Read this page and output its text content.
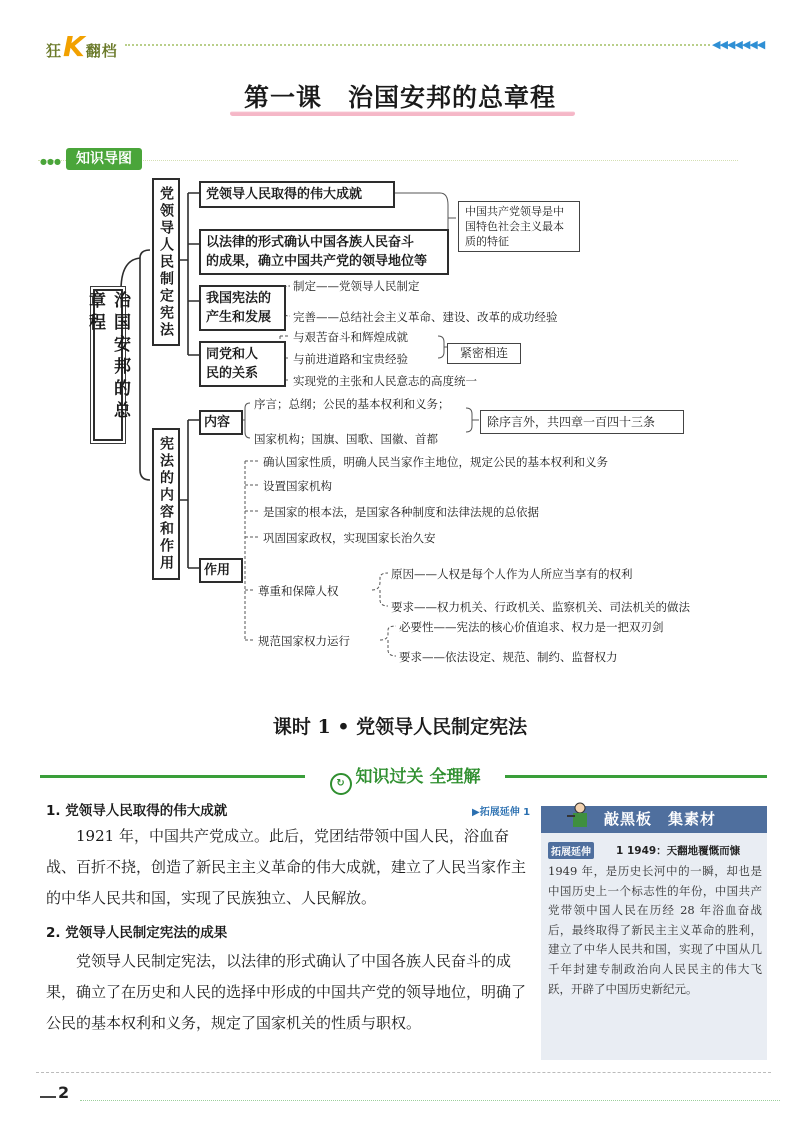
狂K翻档	◀◀◀◀◀◀◀
第一课　治国安邦的总章程
●●●	知识导图
治国安邦的总章程	党领导人民制定宪法
宪法的内容和作用
党领导人民取得的伟大成就
以法律的形式确认中国各族人民奋斗
的成果，确立中国共产党的领导地位等
中国共产党领导是中国特色社会主义最本质的特征
我国宪法的
产生和发展
制定——党领导人民制定
完善——总结社会主义革命、建设、改革的成功经验
同党和人
民的关系
与艰苦奋斗和辉煌成就
与前进道路和宝贵经验
实现党的主张和人民意志的高度统一
紧密相连
内容
序言；总纲；公民的基本权利和义务；
国家机构；国旗、国歌、国徽、首都
除序言外，共四章一百四十三条
作用
确认国家性质，明确人民当家作主地位，规定公民的基本权利和义务
设置国家机构
是国家的根本法，是国家各种制度和法律法规的总依据
巩固国家政权，实现国家长治久安
尊重和保障人权
原因——人权是每个人作为人所应当享有的权利
要求——权力机关、行政机关、监察机关、司法机关的做法
规范国家权力运行
必要性——宪法的核心价值追求、权力是一把双刃剑
要求——依法设定、规范、制约、监督权力
课时 1 • 党领导人民制定宪法
↻ 知识过关 全理解
1. 党领导人民取得的伟大成就	▶拓展延伸 1
1921 年，中国共产党成立。此后，党团结带领中国人民，浴血奋战、百折不挠，创造了新民主主义革命的伟大成就，建立了人民当家作主的中华人民共和国，实现了民族独立、人民解放。
2. 党领导人民制定宪法的成果
党领导人民制定宪法，以法律的形式确认了中国各族人民奋斗的成果，确立了在历史和人民的选择中形成的中国共产党的领导地位，明确了公民的基本权利和义务，规定了国家机关的性质与职权。
敲黑板　集素材
拓展延伸 1 1949：天翻地覆慨而慷
1949 年，是历史长河中的一瞬，却也是中国历史上一个标志性的年份，中国共产党带领中国人民在历经 28 年浴血奋战后，最终取得了新民主主义革命的胜利，建立了中华人民共和国，实现了中国从几千年封建专制政治向人民民主的伟大飞跃，开辟了中国历史新纪元。
2
